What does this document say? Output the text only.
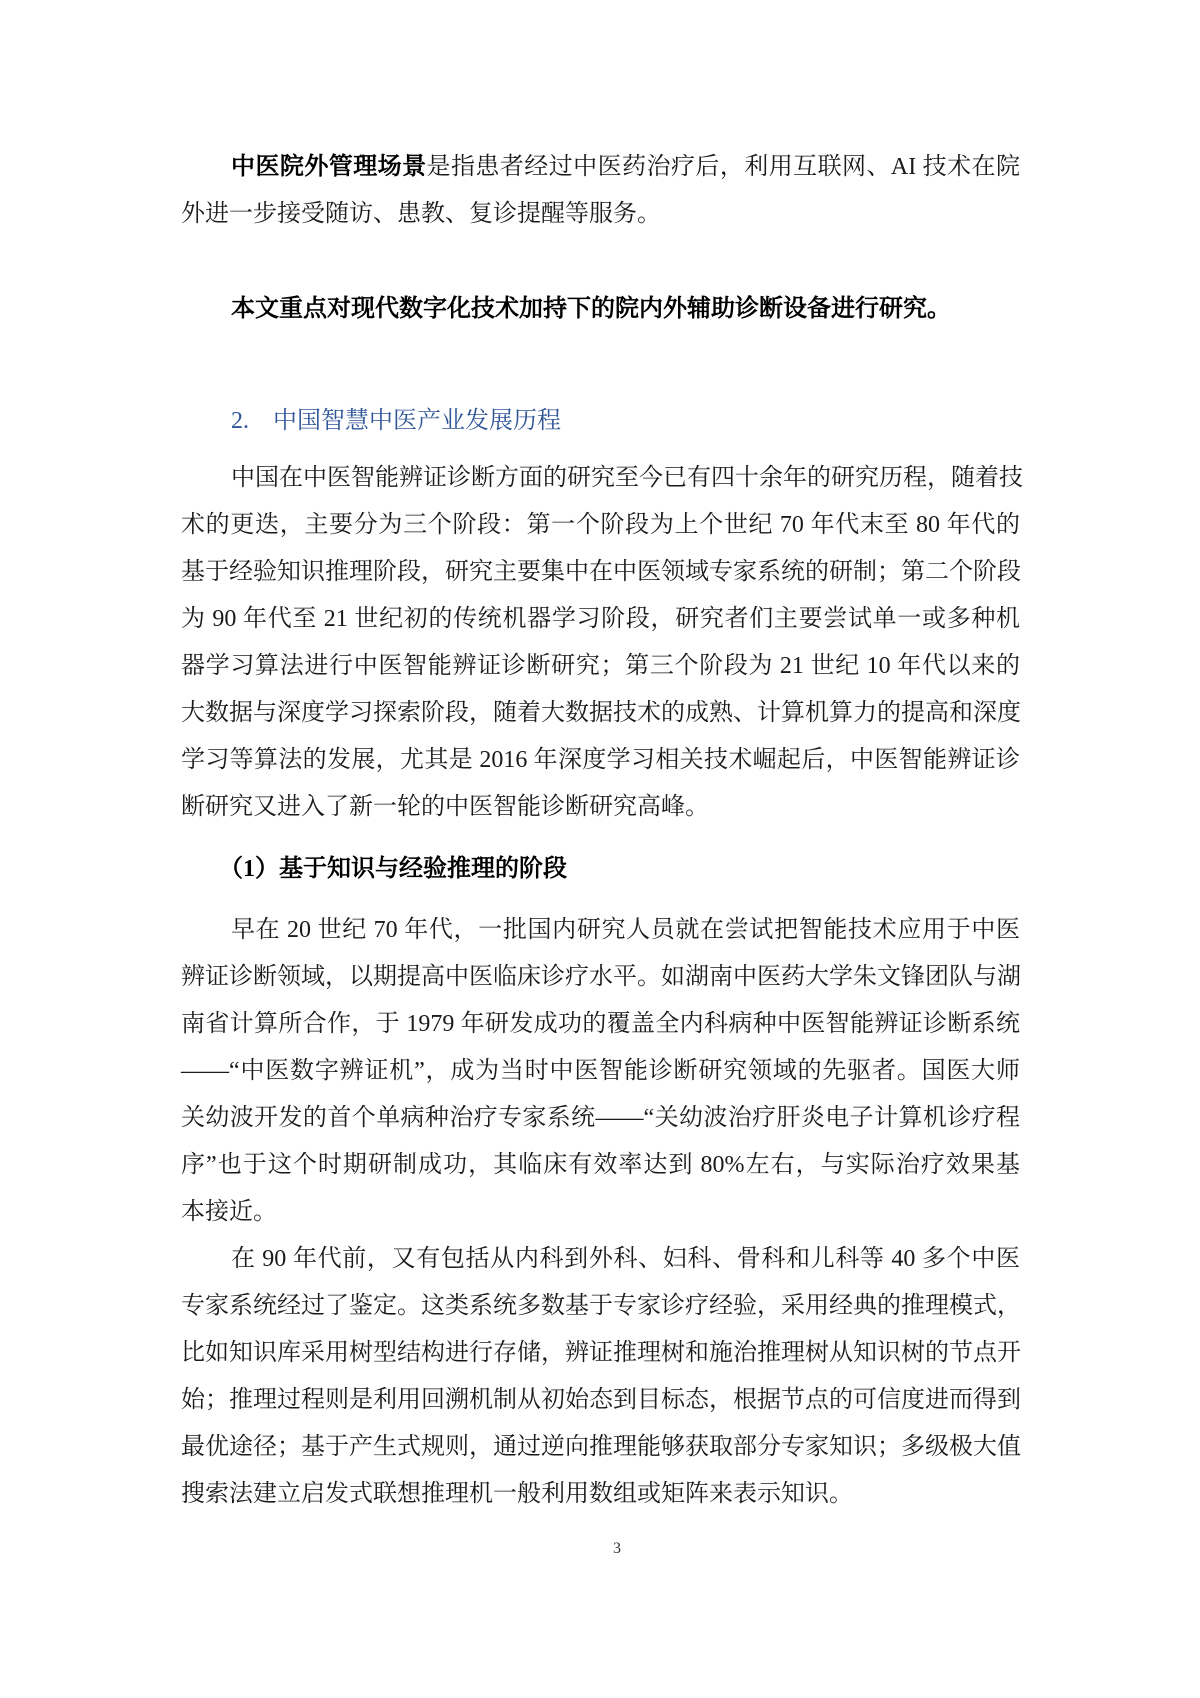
中医院外管理场景是指患者经过中医药治疗后，利用互联网、AI 技术在院
外进一步接受随访、患教、复诊提醒等服务。
本文重点对现代数字化技术加持下的院内外辅助诊断设备进行研究。
2. 中国智慧中医产业发展历程
中国在中医智能辨证诊断方面的研究至今已有四十余年的研究历程，随着技
术的更迭，主要分为三个阶段：第一个阶段为上个世纪 70 年代末至 80 年代的
基于经验知识推理阶段，研究主要集中在中医领域专家系统的研制；第二个阶段
为 90 年代至 21 世纪初的传统机器学习阶段，研究者们主要尝试单一或多种机
器学习算法进行中医智能辨证诊断研究；第三个阶段为 21 世纪 10 年代以来的
大数据与深度学习探索阶段，随着大数据技术的成熟、计算机算力的提高和深度
学习等算法的发展，尤其是 2016 年深度学习相关技术崛起后，中医智能辨证诊
断研究又进入了新一轮的中医智能诊断研究高峰。
（1）基于知识与经验推理的阶段
早在 20 世纪 70 年代，一批国内研究人员就在尝试把智能技术应用于中医
辨证诊断领域，以期提高中医临床诊疗水平。如湖南中医药大学朱文锋团队与湖
南省计算所合作，于 1979 年研发成功的覆盖全内科病种中医智能辨证诊断系统
——“中医数字辨证机”，成为当时中医智能诊断研究领域的先驱者。国医大师
关幼波开发的首个单病种治疗专家系统——“关幼波治疗肝炎电子计算机诊疗程
序”也于这个时期研制成功，其临床有效率达到 80%左右，与实际治疗效果基
本接近。
在 90 年代前，又有包括从内科到外科、妇科、骨科和儿科等 40 多个中医
专家系统经过了鉴定。这类系统多数基于专家诊疗经验，采用经典的推理模式，
比如知识库采用树型结构进行存储，辨证推理树和施治推理树从知识树的节点开
始；推理过程则是利用回溯机制从初始态到目标态，根据节点的可信度进而得到
最优途径；基于产生式规则，通过逆向推理能够获取部分专家知识；多级极大值
搜索法建立启发式联想推理机一般利用数组或矩阵来表示知识。
3
